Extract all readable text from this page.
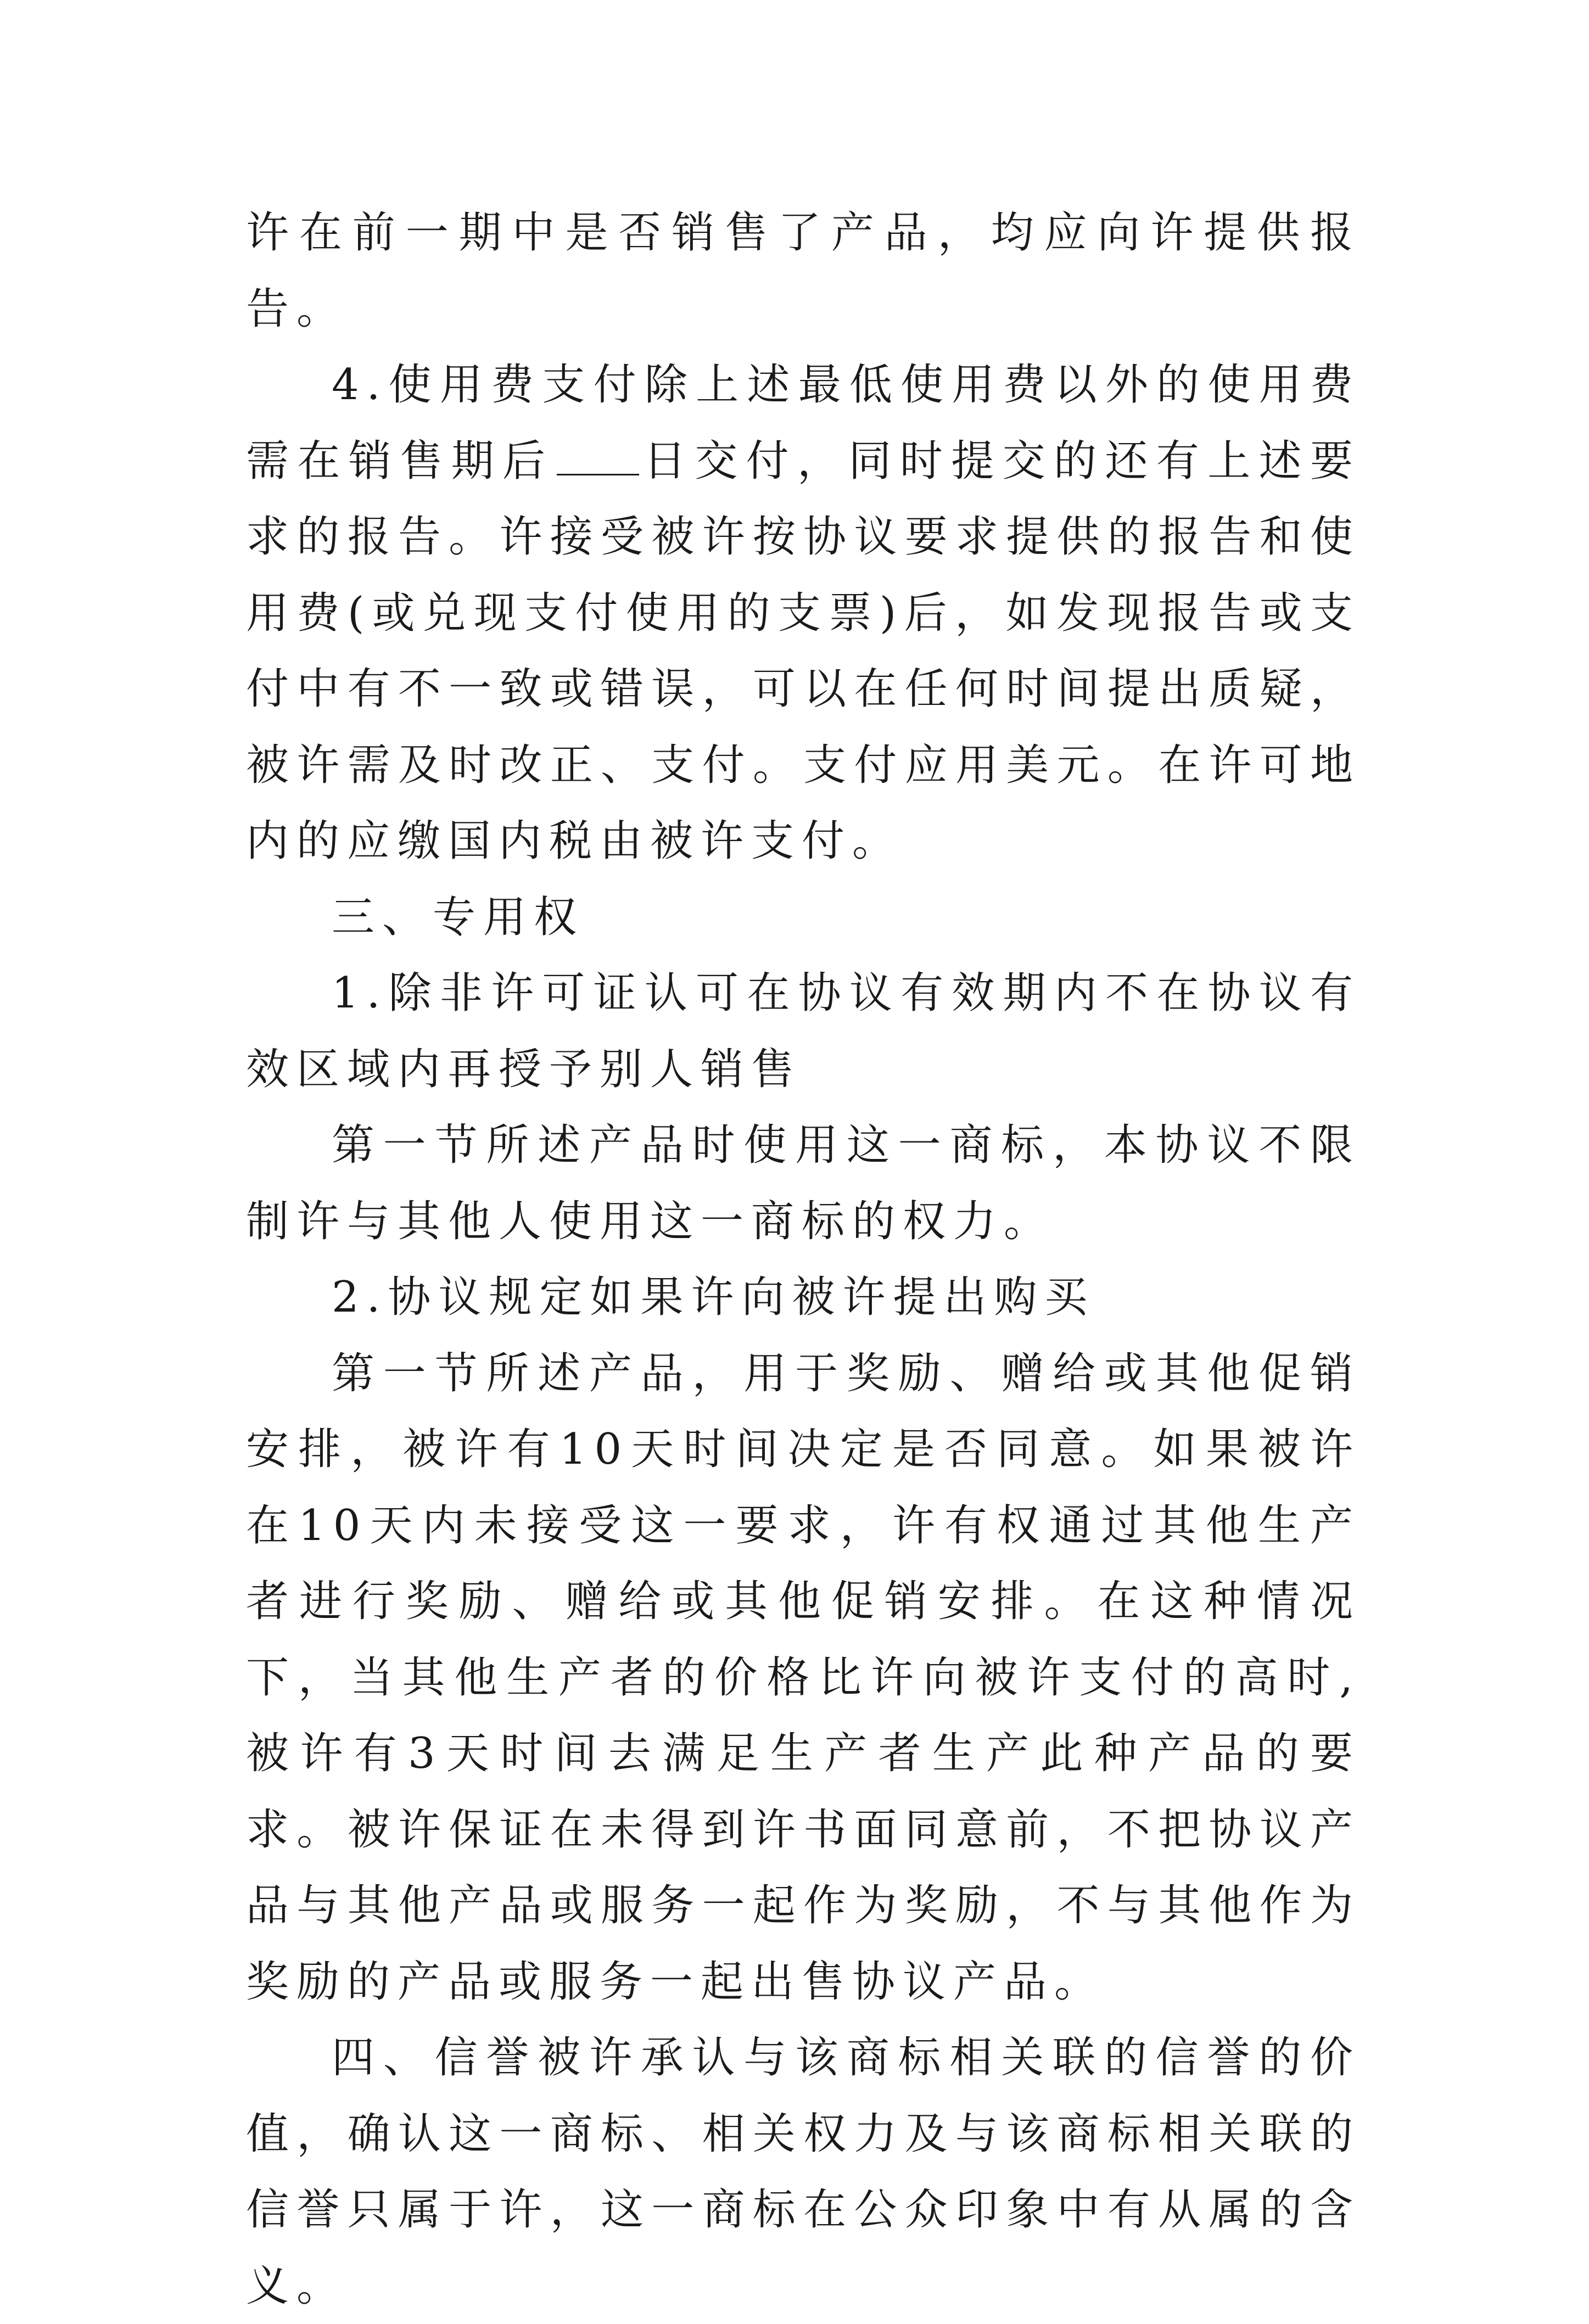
许在前一期中是否销售了产品，均应向许提供报告。

4.使用费支付除上述最低使用费以外的使用费需在销售期后 日交付，同时提交的还有上述要求的报告。许接受被许按协议要求提供的报告和使用费(或兑现支付使用的支票)后，如发现报告或支付中有不一致或错误，可以在任何时间提出质疑，被许需及时改正、支付。支付应用美元。在许可地内的应缴国内税由被许支付。

三、专用权

1.除非许可证认可在协议有效期内不在协议有效区域内再授予别人销售

第一节所述产品时使用这一商标，本协议不限制许与其他人使用这一商标的权力。

2.协议规定如果许向被许提出购买

第一节所述产品，用于奖励、赠给或其他促销安排，被许有10天时间决定是否同意。如果被许在10天内未接受这一要求，许有权通过其他生产者进行奖励、赠给或其他促销安排。在这种情况下，当其他生产者的价格比许向被许支付的高时,被许有3天时间去满足生产者生产此种产品的要求。被许保证在未得到许书面同意前，不把协议产品与其他产品或服务一起作为奖励，不与其他作为奖励的产品或服务一起出售协议产品。

四、信誉被许承认与该商标相关联的信誉的价值，确认这一商标、相关权力及与该商标相关联的信誉只属于许，这一商标在公众印象中有从属的含义。
